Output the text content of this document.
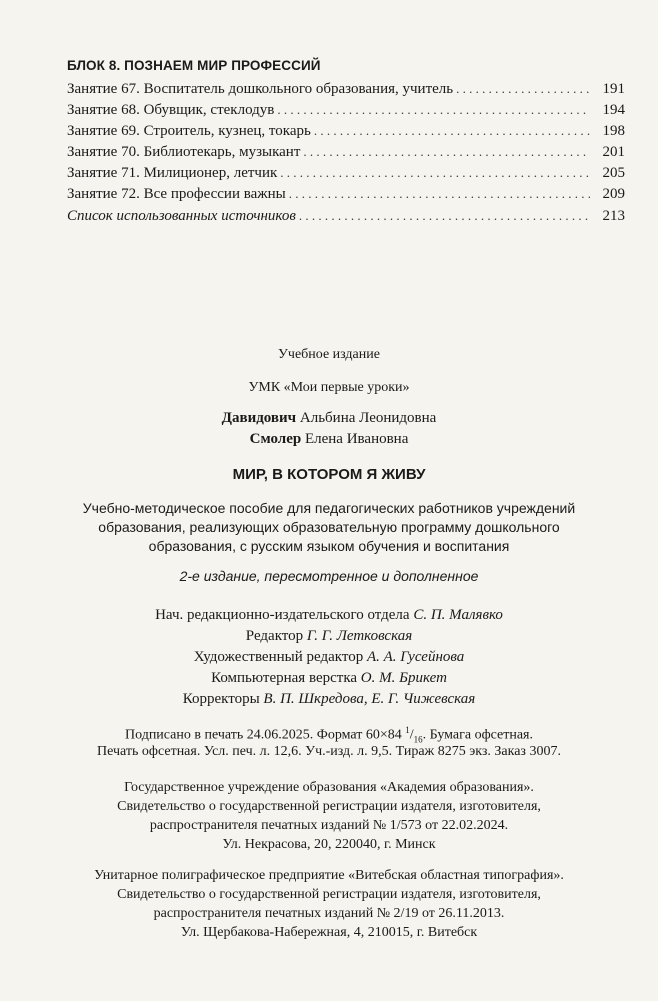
БЛОК 8. ПОЗНАЕМ МИР ПРОФЕССИЙ
Занятие 67. Воспитатель дошкольного образования, учитель . . .	191
Занятие 68. Обувщик, стеклодув . . .	194
Занятие 69. Строитель, кузнец, токарь . . .	198
Занятие 70. Библиотекарь, музыкант . . .	201
Занятие 71. Милиционер, летчик . . .	205
Занятие 72. Все профессии важны . . .	209
Список использованных источников . . .	213
Учебное издание
УМК «Мои первые уроки»
Давидович Альбина Леонидовна
Смолер Елена Ивановна
МИР, В КОТОРОМ Я ЖИВУ
Учебно-методическое пособие для педагогических работников учреждений
образования, реализующих образовательную программу дошкольного
образования, с русским языком обучения и воспитания
2-е издание, пересмотренное и дополненное
Нач. редакционно-издательского отдела С. П. Малявко
Редактор Г. Г. Летковская
Художественный редактор А. А. Гусейнова
Компьютерная верстка О. М. Брикет
Корректоры В. П. Шкредова, Е. Г. Чижевская
Подписано в печать 24.06.2025. Формат 60×84 $^1/_{16}$. Бумага офсетная.
Печать офсетная. Усл. печ. л. 12,6. Уч.-изд. л. 9,5. Тираж 8275 экз. Заказ 3007.
Государственное учреждение образования «Академия образования».
Свидетельство о государственной регистрации издателя, изготовителя,
распространителя печатных изданий № 1/573 от 22.02.2024.
Ул. Некрасова, 20, 220040, г. Минск
Унитарное полиграфическое предприятие «Витебская областная типография».
Свидетельство о государственной регистрации издателя, изготовителя,
распространителя печатных изданий № 2/19 от 26.11.2013.
Ул. Щербакова-Набережная, 4, 210015, г. Витебск
